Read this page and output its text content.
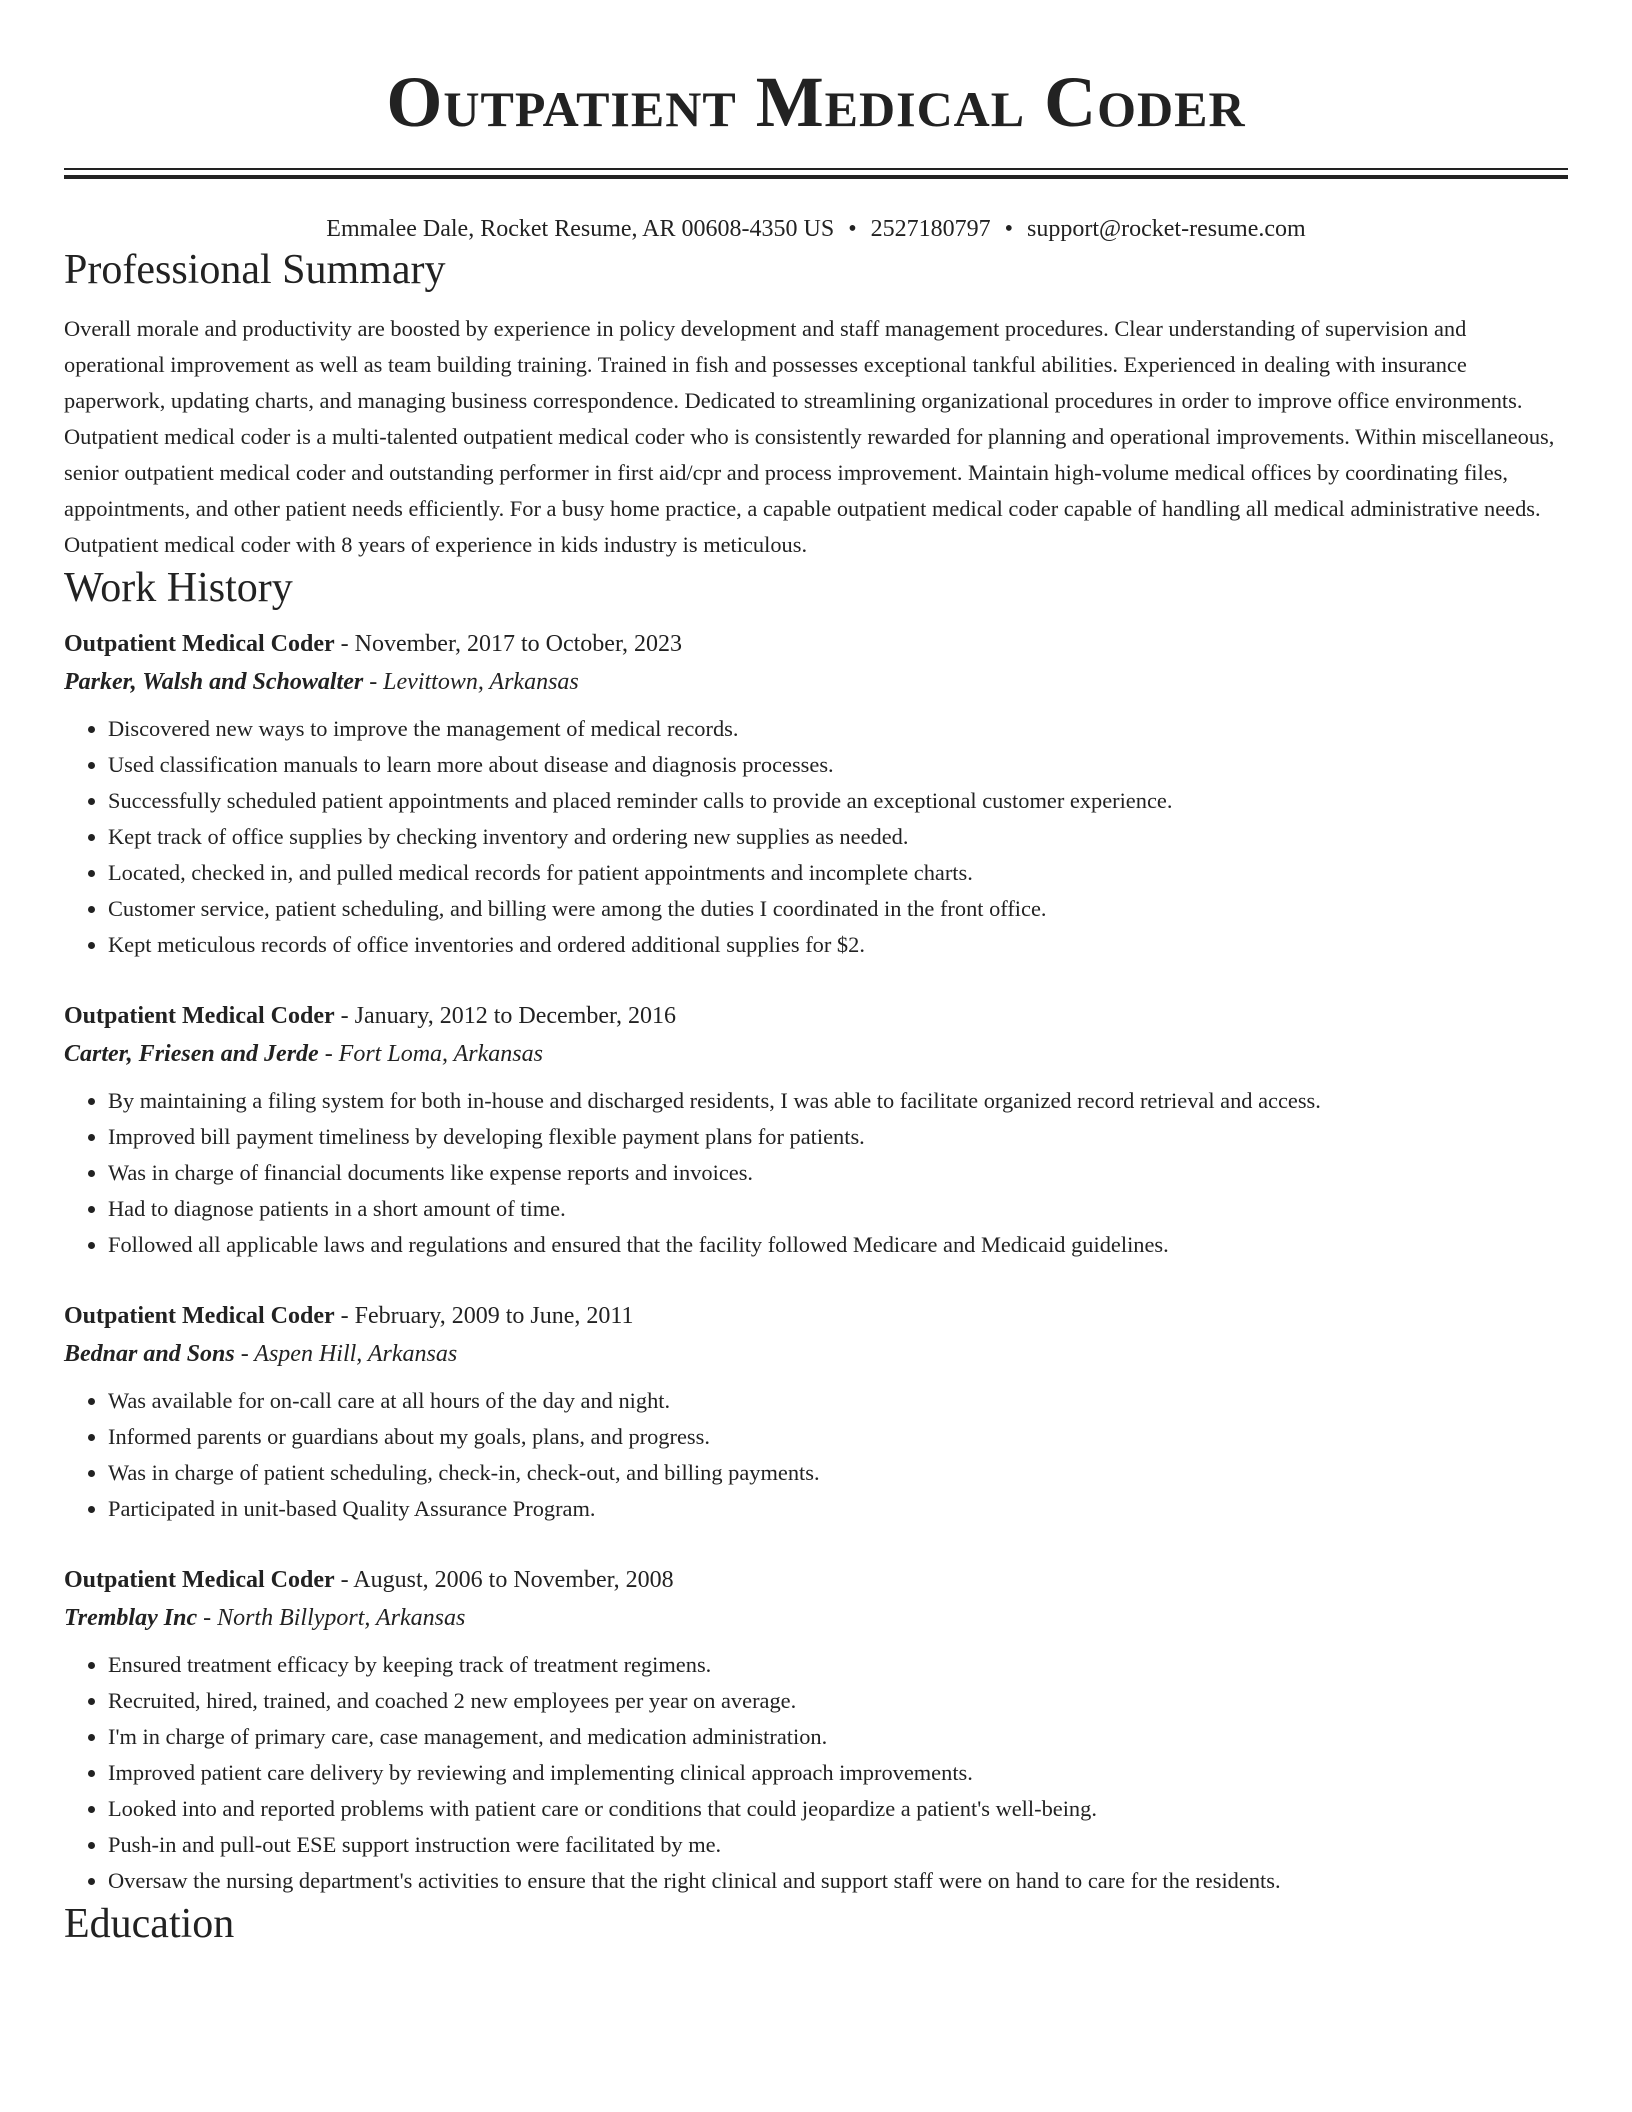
Outpatient Medical Coder
Emmalee Dale, Rocket Resume, AR 00608-4350 US • 2527180797 • support@rocket-resume.com
Professional Summary

Overall morale and productivity are boosted by experience in policy development and staff management procedures. Clear understanding of supervision and operational improvement as well as team building training. Trained in fish and possesses exceptional tankful abilities. Experienced in dealing with insurance paperwork, updating charts, and managing business correspondence. Dedicated to streamlining organizational procedures in order to improve office environments. Outpatient medical coder is a multi-talented outpatient medical coder who is consistently rewarded for planning and operational improvements. Within miscellaneous, senior outpatient medical coder and outstanding performer in first aid/cpr and process improvement. Maintain high-volume medical offices by coordinating files, appointments, and other patient needs efficiently. For a busy home practice, a capable outpatient medical coder capable of handling all medical administrative needs. Outpatient medical coder with 8 years of experience in kids industry is meticulous.

Work History

Outpatient Medical Coder - November, 2017 to October, 2023

Parker, Walsh and Schowalter - Levittown, Arkansas

• Discovered new ways to improve the management of medical records.
• Used classification manuals to learn more about disease and diagnosis processes.
• Successfully scheduled patient appointments and placed reminder calls to provide an exceptional customer experience.
• Kept track of office supplies by checking inventory and ordering new supplies as needed.
• Located, checked in, and pulled medical records for patient appointments and incomplete charts.
• Customer service, patient scheduling, and billing were among the duties I coordinated in the front office.
• Kept meticulous records of office inventories and ordered additional supplies for $2.

Outpatient Medical Coder - January, 2012 to December, 2016

Carter, Friesen and Jerde - Fort Loma, Arkansas

• By maintaining a filing system for both in-house and discharged residents, I was able to facilitate organized record retrieval and access.
• Improved bill payment timeliness by developing flexible payment plans for patients.
• Was in charge of financial documents like expense reports and invoices.
• Had to diagnose patients in a short amount of time.
• Followed all applicable laws and regulations and ensured that the facility followed Medicare and Medicaid guidelines.

Outpatient Medical Coder - February, 2009 to June, 2011

Bednar and Sons - Aspen Hill, Arkansas

• Was available for on-call care at all hours of the day and night.
• Informed parents or guardians about my goals, plans, and progress.
• Was in charge of patient scheduling, check-in, check-out, and billing payments.
• Participated in unit-based Quality Assurance Program.

Outpatient Medical Coder - August, 2006 to November, 2008

Tremblay Inc - North Billyport, Arkansas

• Ensured treatment efficacy by keeping track of treatment regimens.
• Recruited, hired, trained, and coached 2 new employees per year on average.
• I'm in charge of primary care, case management, and medication administration.
• Improved patient care delivery by reviewing and implementing clinical approach improvements.
• Looked into and reported problems with patient care or conditions that could jeopardize a patient's well-being.
• Push-in and pull-out ESE support instruction were facilitated by me.
• Oversaw the nursing department's activities to ensure that the right clinical and support staff were on hand to care for the residents.
Education
